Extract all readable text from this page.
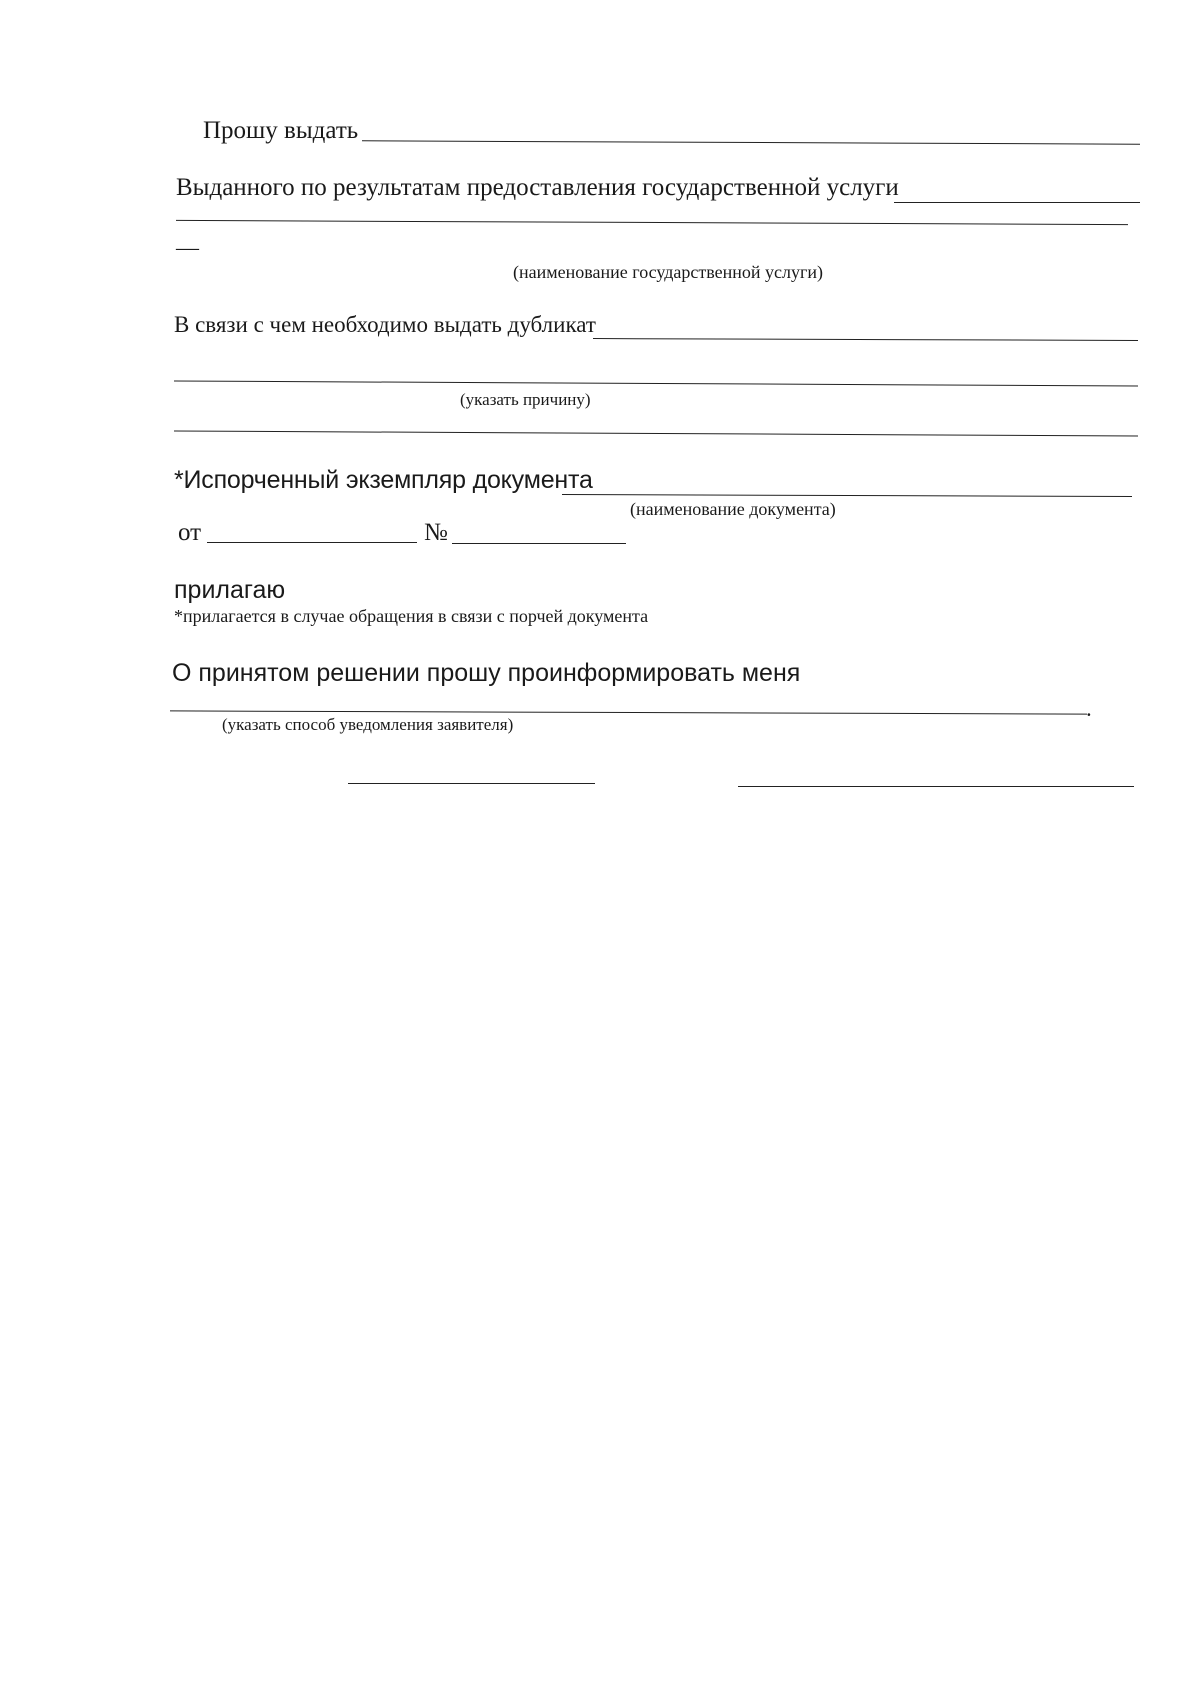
Прошу выдать
Выданного по результатам предоставления государственной услуги
—
(наименование государственной услуги)
В связи с чем необходимо выдать дубликат
(указать причину)
*Испорченный экземпляр документа
(наименование документа)
от	№
прилагаю
*прилагается в случае обращения в связи с порчей документа
О принятом решении прошу проинформировать меня
.
(указать способ уведомления заявителя)
